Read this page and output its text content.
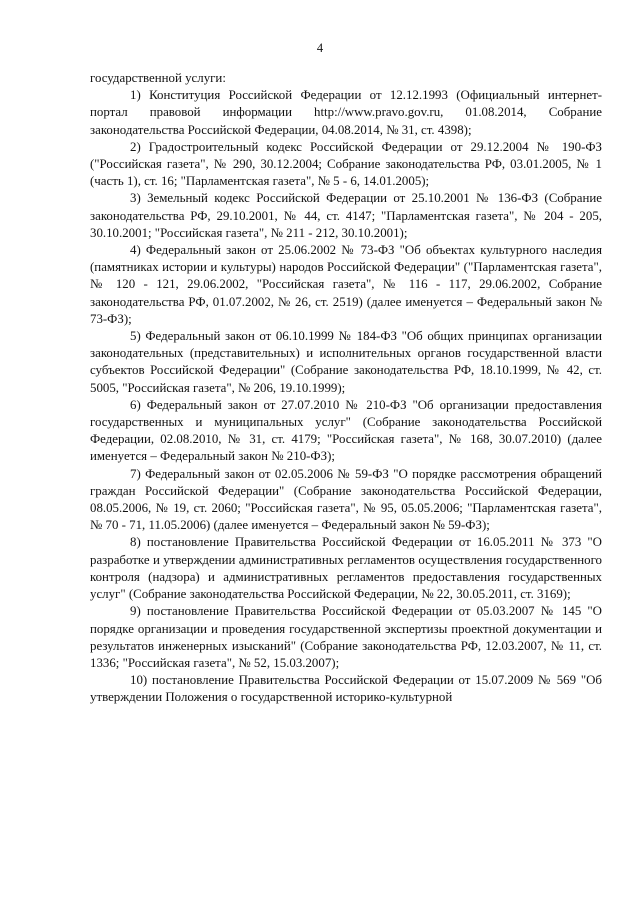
4

государственной услуги:

1) Конституция Российской Федерации от 12.12.1993 (Официальный интернет-портал правовой информации http://www.pravo.gov.ru, 01.08.2014, Собрание законодательства Российской Федерации, 04.08.2014, № 31, ст. 4398);

2) Градостроительный кодекс Российской Федерации от 29.12.2004 № 190-ФЗ ("Российская газета", № 290, 30.12.2004; Собрание законодательства РФ, 03.01.2005, № 1 (часть 1), ст. 16; "Парламентская газета", № 5 - 6, 14.01.2005);

3) Земельный кодекс Российской Федерации от 25.10.2001 № 136-ФЗ (Собрание законодательства РФ, 29.10.2001, № 44, ст. 4147; "Парламентская газета", № 204 - 205, 30.10.2001; "Российская газета", № 211 - 212, 30.10.2001);

4) Федеральный закон от 25.06.2002 № 73-ФЗ "Об объектах культурного наследия (памятниках истории и культуры) народов Российской Федерации" ("Парламентская газета", № 120 - 121, 29.06.2002, "Российская газета", № 116 - 117, 29.06.2002, Собрание законодательства РФ, 01.07.2002, № 26, ст. 2519) (далее именуется – Федеральный закон № 73-ФЗ);

5) Федеральный закон от 06.10.1999 № 184-ФЗ "Об общих принципах организации законодательных (представительных) и исполнительных органов государственной власти субъектов Российской Федерации" (Собрание законодательства РФ, 18.10.1999, № 42, ст. 5005, "Российская газета", № 206, 19.10.1999);

6) Федеральный закон от 27.07.2010 № 210-ФЗ "Об организации предоставления государственных и муниципальных услуг" (Собрание законодательства Российской Федерации, 02.08.2010, № 31, ст. 4179; "Российская газета", № 168, 30.07.2010) (далее именуется – Федеральный закон № 210-ФЗ);

7) Федеральный закон от 02.05.2006 № 59-ФЗ "О порядке рассмотрения обращений граждан Российской Федерации" (Собрание законодательства Российской Федерации, 08.05.2006, № 19, ст. 2060; "Российская газета", № 95, 05.05.2006; "Парламентская газета", № 70 - 71, 11.05.2006) (далее именуется – Федеральный закон № 59-ФЗ);

8) постановление Правительства Российской Федерации от 16.05.2011 № 373 "О разработке и утверждении административных регламентов осуществления государственного контроля (надзора) и административных регламентов предоставления государственных услуг" (Собрание законодательства Российской Федерации, № 22, 30.05.2011, ст. 3169);

9) постановление Правительства Российской Федерации от 05.03.2007 № 145 "О порядке организации и проведения государственной экспертизы проектной документации и результатов инженерных изысканий" (Собрание законодательства РФ, 12.03.2007, № 11, ст. 1336; "Российская газета", № 52, 15.03.2007);

10) постановление Правительства Российской Федерации от 15.07.2009 № 569 "Об утверждении Положения о государственной историко-культурной
